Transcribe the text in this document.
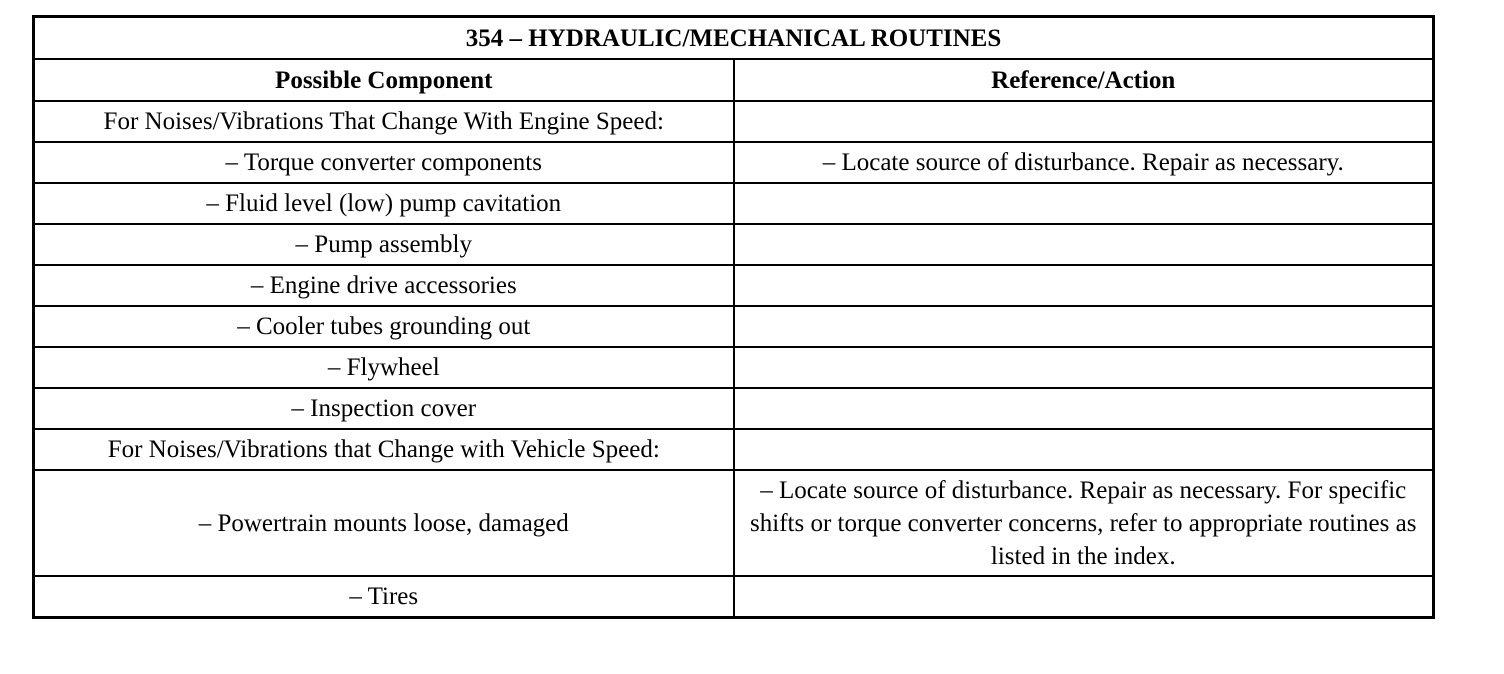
354 – HYDRAULIC/MECHANICAL ROUTINES	
Possible Component	Reference/Action
For Noises/Vibrations That Change With Engine Speed:	
– Torque converter components	– Locate source of disturbance. Repair as necessary.
– Fluid level (low) pump cavitation	
– Pump assembly	
– Engine drive accessories	
– Cooler tubes grounding out	
– Flywheel	
– Inspection cover	
For Noises/Vibrations that Change with Vehicle Speed:	
– Powertrain mounts loose, damaged	– Locate source of disturbance. Repair as necessary. For specific shifts or torque converter concerns, refer to appropriate routines as listed in the index.
– Tires	
